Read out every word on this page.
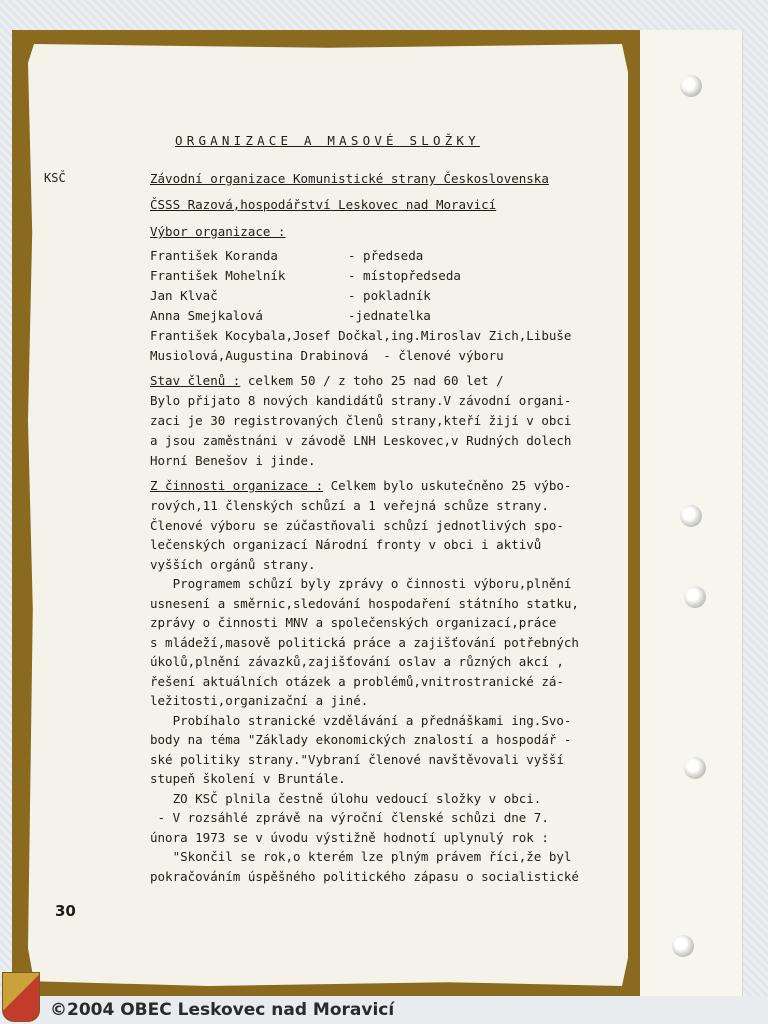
ORGANIZACE A MASOVÉ SLOŽKY
KSČ	Závodní organizace Komunistické strany Československa
ČSSS Razová,hospodářství Leskovec nad Moravicí
Výbor organizace :
František Koranda	- předseda
František Mohelník	- místopředseda
Jan Klvač	- pokladník
Anna Smejkalová	-jednatelka
František Kocybala,Josef Dočkal,ing.Miroslav Zich,Libuše
Musiolová,Augustina Drabinová  - členové výboru
Stav členů : celkem 50 / z toho 25 nad 60 let /
Bylo přijato 8 nových kandidátů strany.V závodní organi-
zaci je 30 registrovaných členů strany,kteří žijí v obci
a jsou zaměstnáni v závodě LNH Leskovec,v Rudných dolech
Horní Benešov i jinde.
Z činnosti organizace : Celkem bylo uskutečněno 25 výbo-
rových,11 členských schůzí a 1 veřejná schůze strany.
Členové výboru se zúčastňovali schůzí jednotlivých spo-
lečenských organizací Národní fronty v obci i aktivů
vyšších orgánů strany.
Programem schůzí byly zprávy o činnosti výboru,plnění
usnesení a směrnic,sledování hospodaření státního statku,
zprávy o činnosti MNV a společenských organizací,práce
s mládeží,masově politická práce a zajišťování potřebných
úkolů,plnění závazků,zajišťování oslav a různých akcí ,
řešení aktuálních otázek a problémů,vnitrostranické zá-
ležitosti,organizační a jiné.
Probíhalo stranické vzdělávání a přednáškami ing.Svo-
body na téma "Základy ekonomických znalostí a hospodář -
ské politiky strany."Vybraní členové navštěvovali vyšší
stupeň školení v Bruntále.
ZO KSČ plnila čestně úlohu vedoucí složky v obci.
- V rozsáhlé zprávě na výroční členské schůzi dne 7.
února 1973 se v úvodu výstižně hodnotí uplynulý rok :
"Skončil se rok,o kterém lze plným právem říci,že byl
pokračováním úspěšného politického zápasu o socialistické
30
©2004 OBEC Leskovec nad Moravicí
